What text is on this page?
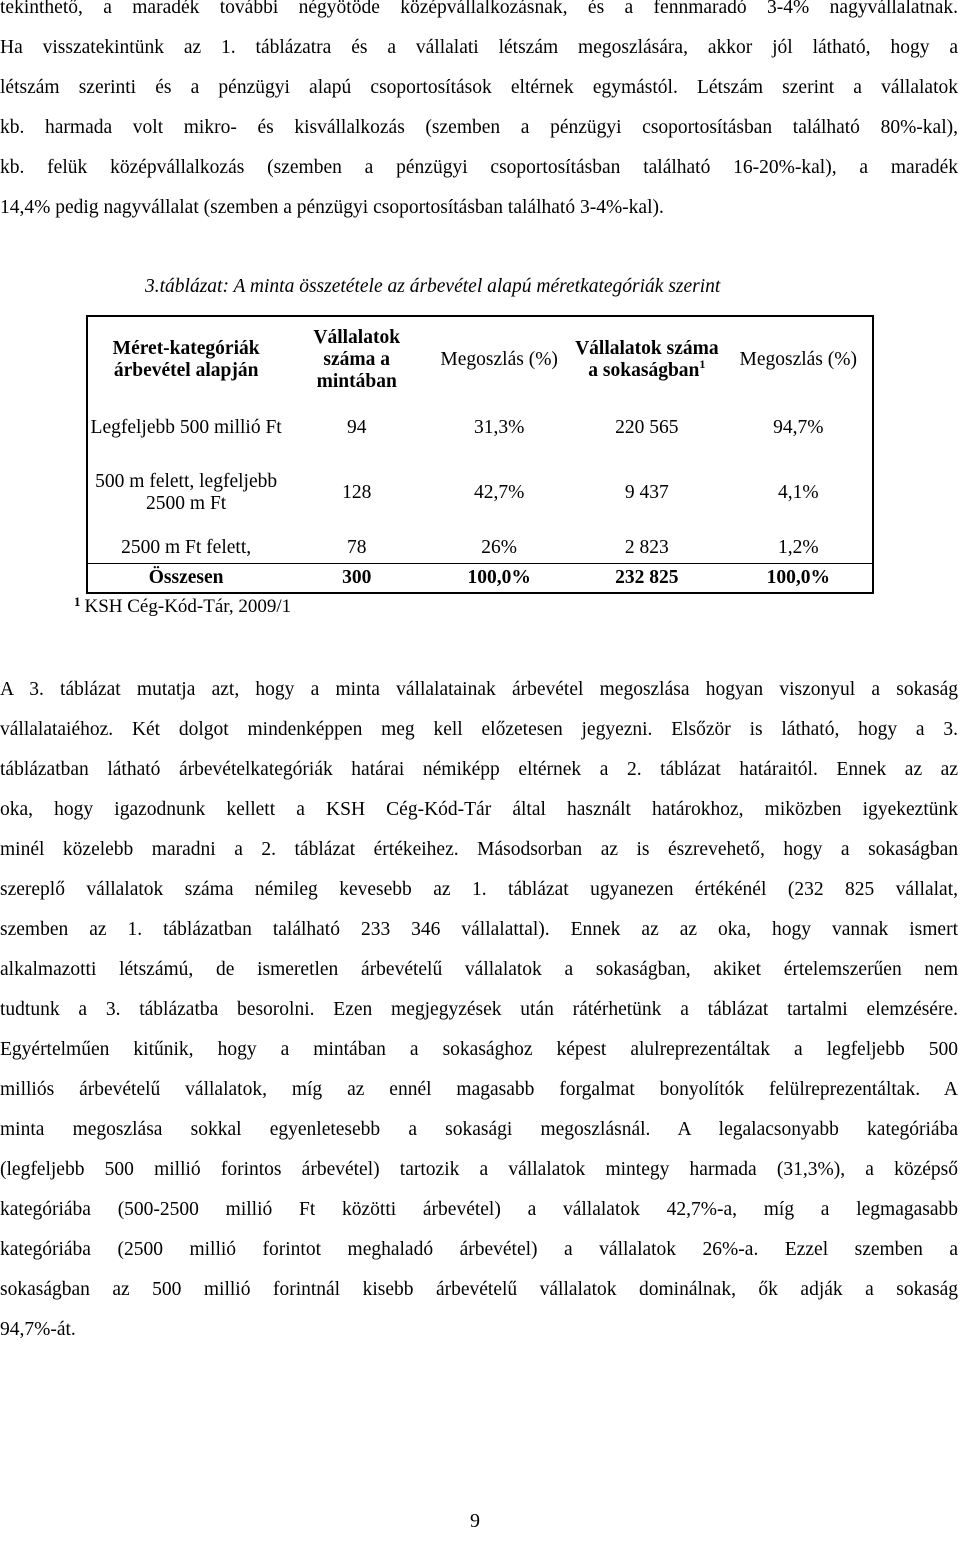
tekinthető, a maradék további négyötöde középvállalkozásnak, és a fennmaradó 3-4% nagyvállalatnak.
Ha visszatekintünk az 1. táblázatra és a vállalati létszám megoszlására, akkor jól látható, hogy a
létszám szerinti és a pénzügyi alapú csoportosítások eltérnek egymástól. Létszám szerint a vállalatok
kb. harmada volt mikro- és kisvállalkozás (szemben a pénzügyi csoportosításban található 80%-kal),
kb. felük középvállalkozás (szemben a pénzügyi csoportosításban található 16-20%-kal), a maradék
14,4% pedig nagyvállalat (szemben a pénzügyi csoportosításban található 3-4%-kal).
3.táblázat: A minta összetétele az árbevétel alapú méretkategóriák szerint
Méret-kategóriák árbevétel alapján	Vállalatok száma a mintában	Megoszlás (%)	Vállalatok száma a sokaságban$^1$	Megoszlás (%)
Legfeljebb 500 millió Ft	94	31,3%	220 565	94,7%
500 m felett, legfeljebb 2500 m Ft	128	42,7%	9 437	4,1%
2500 m Ft felett,	78	26%	2 823	1,2%
Összesen	300	100,0%	232 825	100,0%
$^1$ KSH Cég-Kód-Tár, 2009/1
A 3. táblázat mutatja azt, hogy a minta vállalatainak árbevétel megoszlása hogyan viszonyul a sokaság
vállalataiéhoz. Két dolgot mindenképpen meg kell előzetesen jegyezni. Elsőzör is látható, hogy a 3.
táblázatban látható árbevételkategóriák határai némiképp eltérnek a 2. táblázat határaitól. Ennek az az
oka, hogy igazodnunk kellett a KSH Cég-Kód-Tár által használt határokhoz, miközben igyekeztünk
minél közelebb maradni a 2. táblázat értékeihez. Másodsorban az is észrevehető, hogy a sokaságban
szereplő vállalatok száma némileg kevesebb az 1. táblázat ugyanezen értékénél (232 825 vállalat,
szemben az 1. táblázatban található 233 346 vállalattal). Ennek az az oka, hogy vannak ismert
alkalmazotti létszámú, de ismeretlen árbevételű vállalatok a sokaságban, akiket értelemszerűen nem
tudtunk a 3. táblázatba besorolni. Ezen megjegyzések után rátérhetünk a táblázat tartalmi elemzésére.
Egyértelműen kitűnik, hogy a mintában a sokasághoz képest alulreprezentáltak a legfeljebb 500
milliós árbevételű vállalatok, míg az ennél magasabb forgalmat bonyolítók felülreprezentáltak. A
minta megoszlása sokkal egyenletesebb a sokasági megoszlásnál. A legalacsonyabb kategóriába
(legfeljebb 500 millió forintos árbevétel) tartozik a vállalatok mintegy harmada (31,3%), a középső
kategóriába (500-2500 millió Ft közötti árbevétel) a vállalatok 42,7%-a, míg a legmagasabb
kategóriába (2500 millió forintot meghaladó árbevétel) a vállalatok 26%-a. Ezzel szemben a
sokaságban az 500 millió forintnál kisebb árbevételű vállalatok dominálnak, ők adják a sokaság
94,7%-át.
9
